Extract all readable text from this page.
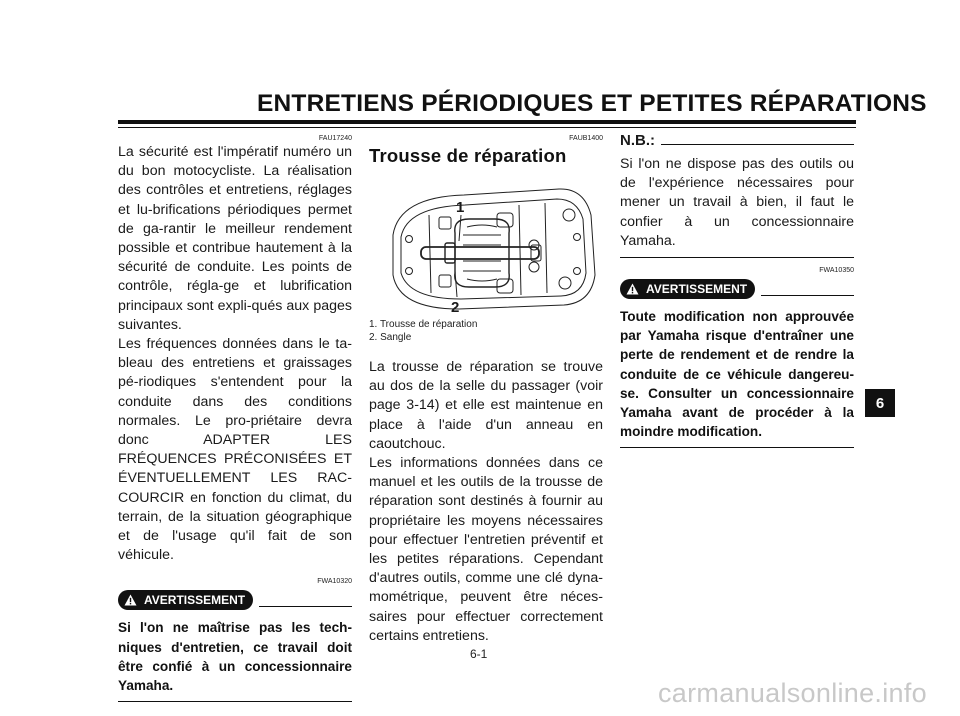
ENTRETIENS PÉRIODIQUES ET PETITES RÉPARATIONS
FAU17240

La sécurité est l'impératif numéro un du bon motocycliste. La réalisation des contrôles et entretiens, réglages et lu-brifications périodiques permet de ga-rantir le meilleur rendement possible et contribue hautement à la sécurité de conduite. Les points de contrôle, régla-ge et lubrification principaux sont expli-qués aux pages suivantes.

Les fréquences données dans le ta-bleau des entretiens et graissages pé-riodiques s'entendent pour la conduite dans des conditions normales. Le pro-priétaire devra donc ADAPTER LES FRÉQUENCES PRÉCONISÉES ET ÉVENTUELLEMENT LES RAC-COURCIR en fonction du climat, du terrain, de la situation géographique et de l'usage qu'il fait de son véhicule.

FWA10320
AVERTISSEMENT

Si l'on ne maîtrise pas les tech-niques d'entretien, ce travail doit être confié à un concessionnaire Yamaha.

FAUB1400
Trousse de réparation
1
2
1. Trousse de réparation
2. Sangle

La trousse de réparation se trouve au dos de la selle du passager (voir page 3-14) et elle est maintenue en place à l'aide d'un anneau en caoutchouc.

Les informations données dans ce manuel et les outils de la trousse de réparation sont destinés à fournir au propriétaire les moyens nécessaires pour effectuer l'entretien préventif et les petites réparations. Cependant d'autres outils, comme une clé dyna-mométrique, peuvent être néces-saires pour effectuer correctement certains entretiens.

N.B.:

Si l'on ne dispose pas des outils ou de l'expérience nécessaires pour mener un travail à bien, il faut le confier à un concessionnaire Yamaha.

FWA10350
AVERTISSEMENT

Toute modification non approuvée par Yamaha risque d'entraîner une perte de rendement et de rendre la conduite de ce véhicule dangereu-se. Consulter un concessionnaire Yamaha avant de procéder à la moindre modification.

6
6-1
carmanualsonline.info
